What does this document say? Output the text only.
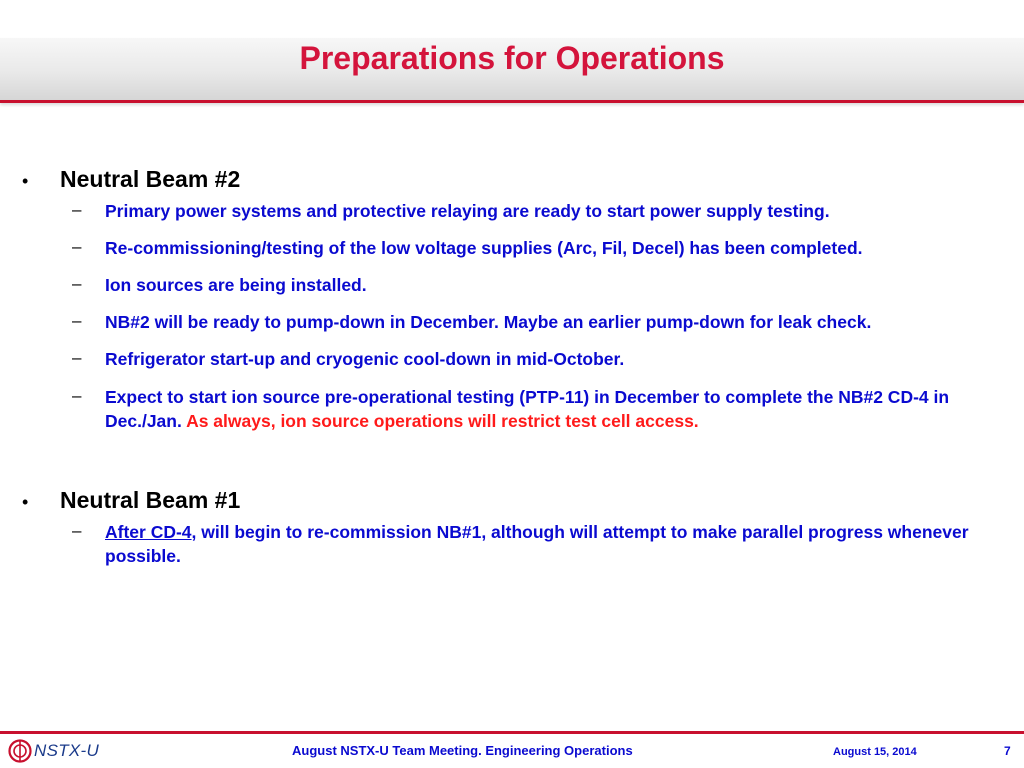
Preparations for Operations
• Neutral Beam #2
– Primary power systems and protective relaying are ready to start power supply testing.
– Re-commissioning/testing of the low voltage supplies (Arc, Fil, Decel) has been completed.
– Ion sources are being installed.
– NB#2 will be ready to pump-down in December. Maybe an earlier pump-down for leak check.
– Refrigerator start-up and cryogenic cool-down in mid-October.
– Expect to start ion source pre-operational testing (PTP-11) in December to complete the NB#2 CD-4 in Dec./Jan. As always, ion source operations will restrict test cell access.
• Neutral Beam #1
– After CD-4, will begin to re-commission NB#1, although will attempt to make parallel progress whenever possible.
NSTX-U	August NSTX-U Team Meeting. Engineering Operations	August 15, 2014	7
